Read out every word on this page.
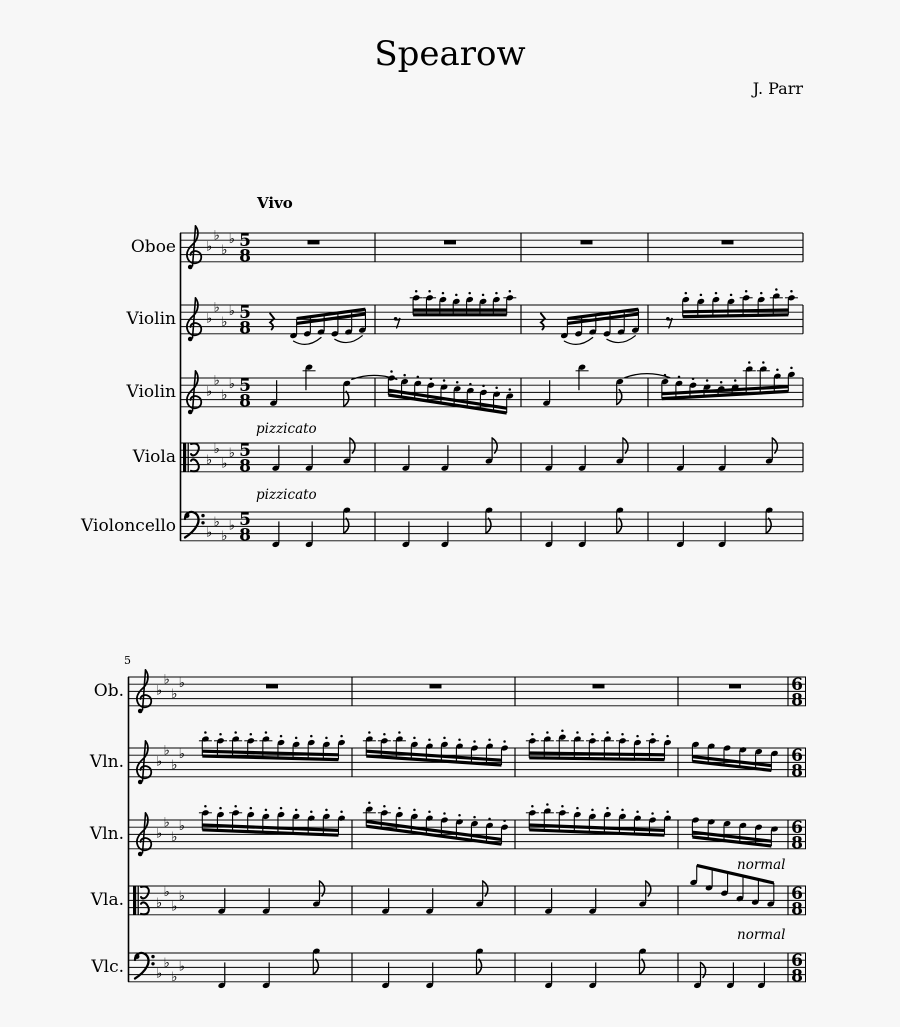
Spearow
J. Parr
Vivo
Oboe
Violin
Violin
Viola
Violoncello
Ob.
Vln.
Vln.
Vla.
Vlc.
pizzicato
pizzicato
normal
normal
5
♭
♭
♭
♭ 5
8
♭
♭
♭
♭ 5
8
♭
♭
♭
♭ 5
8
♭
♭
♭
♭ 5
8
♭
♭
♭
♭ 5
8
♭
♭
♭
♭	6
8
♭
♭
♭
♭	6
8
♭
♭
♭
♭	6
8
♭
♭
♭
♭	6
8
♭
♭
♭
♭	6
8
